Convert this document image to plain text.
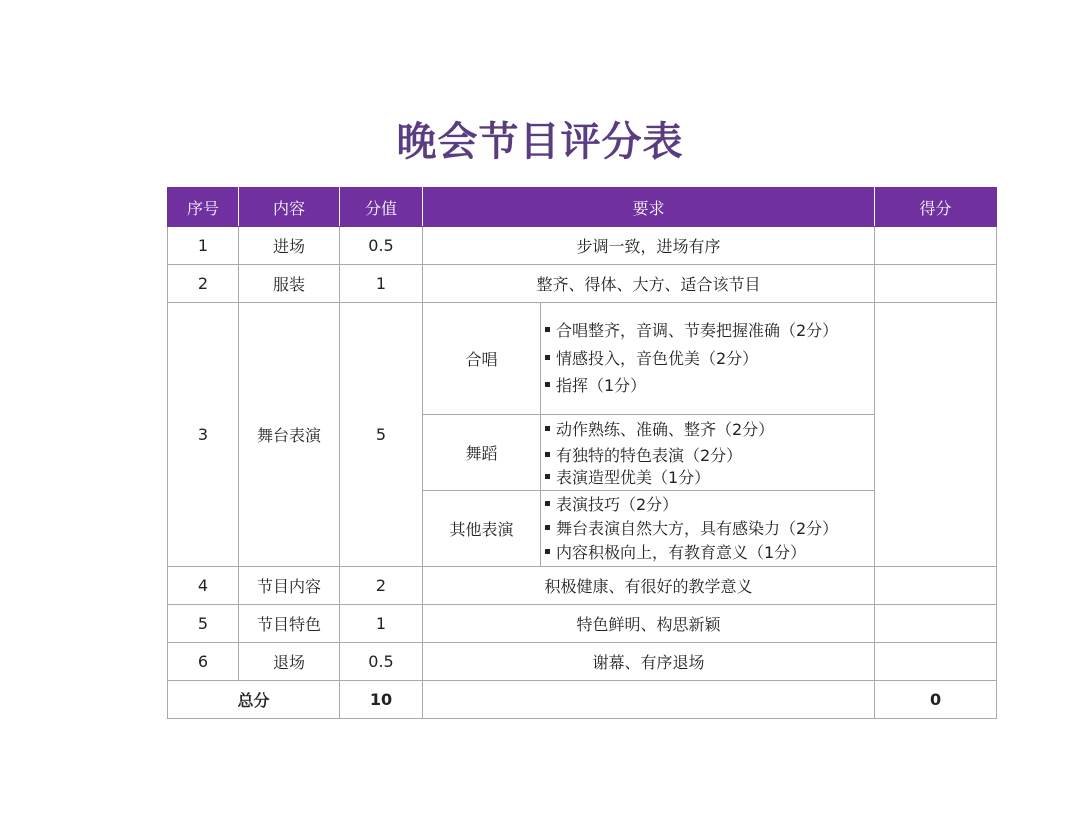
晚会节目评分表
序号	内容	分值	要求		得分
1	进场	0.5	步调一致，进场有序		
2	服装	1	整齐、得体、大方、适合该节目		
3	舞台表演	5	合唱	合唱整齐，音调、节奏把握准确（2分）
情感投入，音色优美（2分）
指挥（1分）	

			舞蹈	动作熟练、准确、整齐（2分）
有独特的特色表演（2分）
表演造型优美（1分）	

			其他表演	表演技巧（2分）
舞台表演自然大方，具有感染力（2分）
内容积极向上，有教育意义（1分）	

4	节目内容	2	积极健康、有很好的教学意义		
5	节目特色	1	特色鲜明、构思新颖		
6	退场	0.5	谢幕、有序退场		
总分		10			0
